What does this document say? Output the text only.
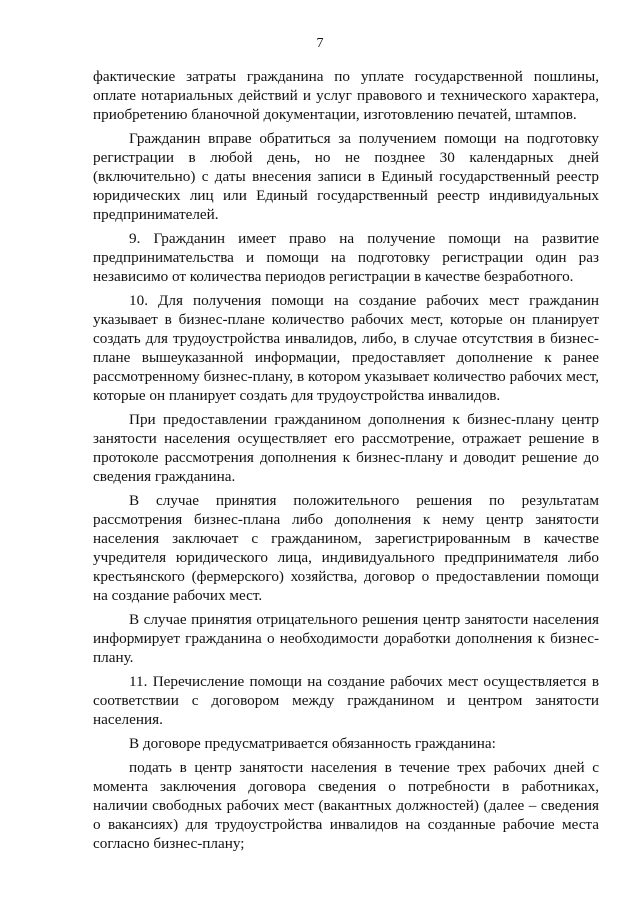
7

фактические затраты гражданина по уплате государственной пошлины, оплате нотариальных действий и услуг правового и технического характера, приобретению бланочной документации, изготовлению печатей, штампов.

Гражданин вправе обратиться за получением помощи на подготовку регистрации в любой день, но не позднее 30 календарных дней (включительно) с даты внесения записи в Единый государственный реестр юридических лиц или Единый государственный реестр индивидуальных предпринимателей.

9. Гражданин имеет право на получение помощи на развитие предпринимательства и помощи на подготовку регистрации один раз независимо от количества периодов регистрации в качестве безработного.

10. Для получения помощи на создание рабочих мест гражданин указывает в бизнес-плане количество рабочих мест, которые он планирует создать для трудоустройства инвалидов, либо, в случае отсутствия в бизнес-плане вышеуказанной информации, предоставляет дополнение к ранее рассмотренному бизнес-плану, в котором указывает количество рабочих мест, которые он планирует создать для трудоустройства инвалидов.

При предоставлении гражданином дополнения к бизнес-плану центр занятости населения осуществляет его рассмотрение, отражает решение в протоколе рассмотрения дополнения к бизнес-плану и доводит решение до сведения гражданина.

В случае принятия положительного решения по результатам рассмотрения бизнес-плана либо дополнения к нему центр занятости населения заключает с гражданином, зарегистрированным в качестве учредителя юридического лица, индивидуального предпринимателя либо крестьянского (фермерского) хозяйства, договор о предоставлении помощи на создание рабочих мест.

В случае принятия отрицательного решения центр занятости населения информирует гражданина о необходимости доработки дополнения к бизнес-плану.

11. Перечисление помощи на создание рабочих мест осуществляется в соответствии с договором между гражданином и центром занятости населения.

В договоре предусматривается обязанность гражданина:

подать в центр занятости населения в течение трех рабочих дней с момента заключения договора сведения о потребности в работниках, наличии свободных рабочих мест (вакантных должностей) (далее – сведения о вакансиях) для трудоустройства инвалидов на созданные рабочие места согласно бизнес-плану;
